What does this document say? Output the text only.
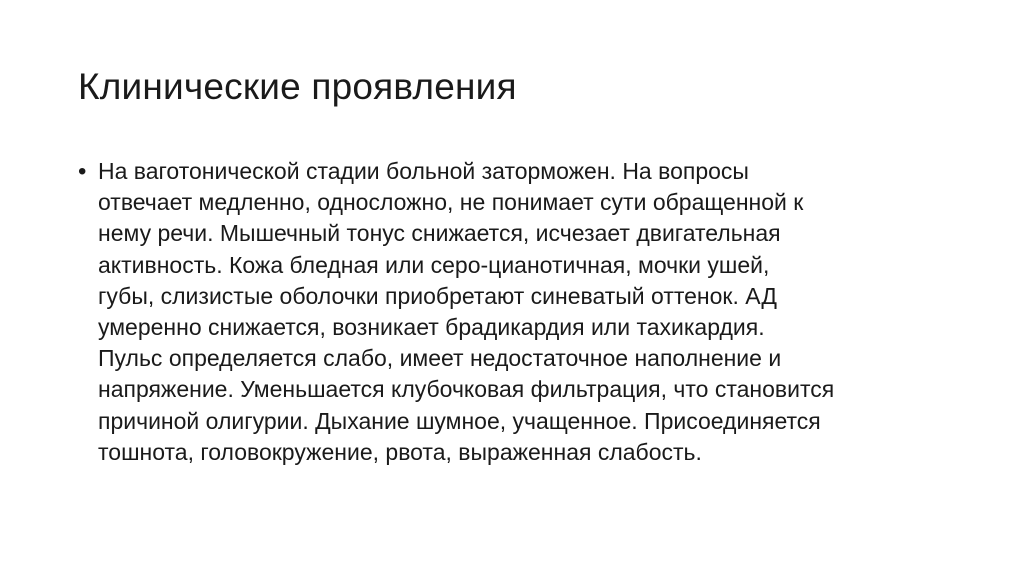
Клинические проявления
• На ваготонической стадии больной заторможен. На вопросы
отвечает медленно, односложно, не понимает сути обращенной к
нему речи. Мышечный тонус снижается, исчезает двигательная
активность. Кожа бледная или серо-цианотичная, мочки ушей,
губы, слизистые оболочки приобретают синеватый оттенок. АД
умеренно снижается, возникает брадикардия или тахикардия.
Пульс определяется слабо, имеет недостаточное наполнение и
напряжение. Уменьшается клубочковая фильтрация, что становится
причиной олигурии. Дыхание шумное, учащенное. Присоединяется
тошнота, головокружение, рвота, выраженная слабость.
